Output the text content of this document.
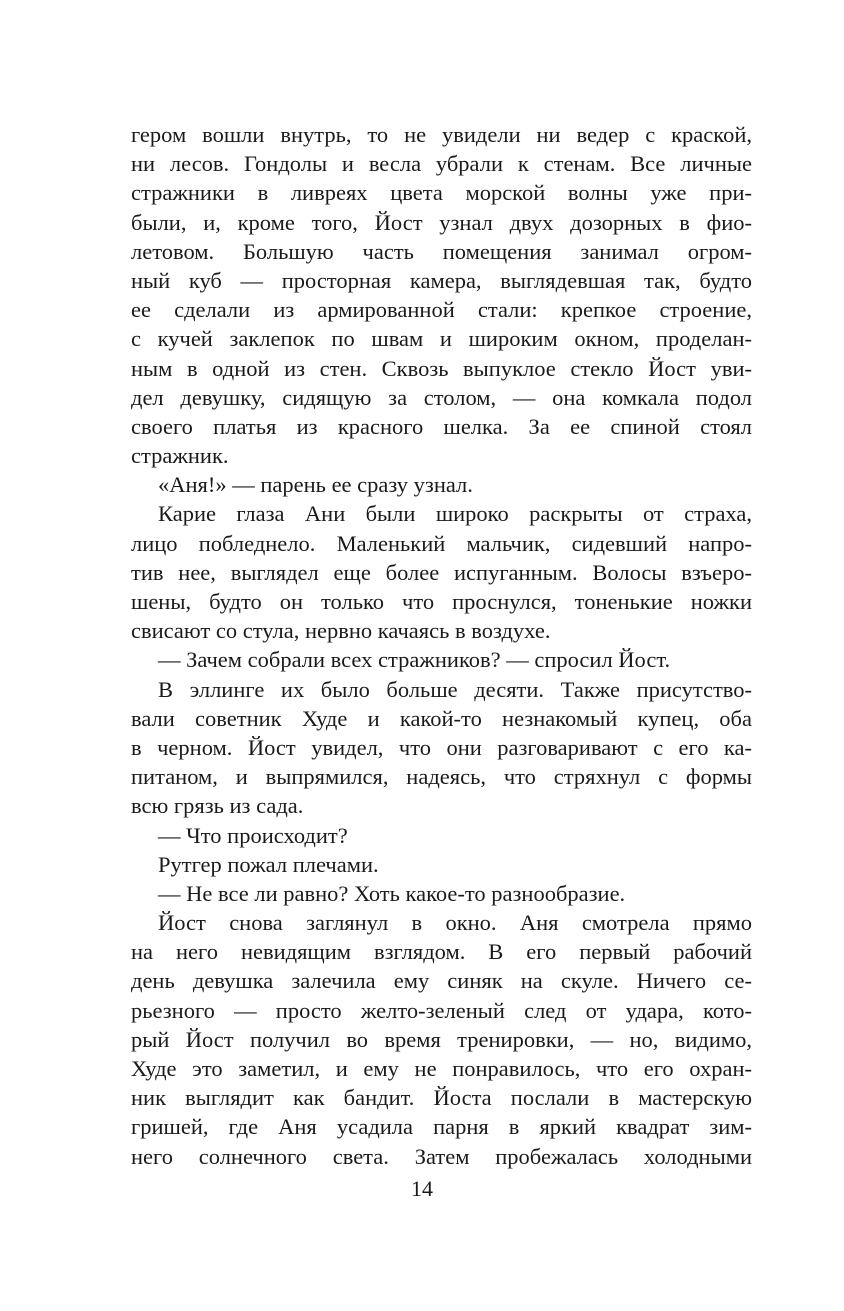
гером вошли внутрь, то не увидели ни ведер с краской,
ни лесов. Гондолы и весла убрали к стенам. Все личные
стражники в ливреях цвета морской волны уже при-
были, и, кроме того, Йост узнал двух дозорных в фио-
летовом. Большую часть помещения занимал огром-
ный куб — просторная камера, выглядевшая так, будто
ее сделали из армированной стали: крепкое строение,
с кучей заклепок по швам и широким окном, проделан-
ным в одной из стен. Сквозь выпуклое стекло Йост уви-
дел девушку, сидящую за столом, — она комкала подол
своего платья из красного шелка. За ее спиной стоял
стражник.
«Аня!» — парень ее сразу узнал.
Карие глаза Ани были широко раскрыты от страха,
лицо побледнело. Маленький мальчик, сидевший напро-
тив нее, выглядел еще более испуганным. Волосы взъеро-
шены, будто он только что проснулся, тоненькие ножки
свисают со стула, нервно качаясь в воздухе.
— Зачем собрали всех стражников? — спросил Йост.
В эллинге их было больше десяти. Также присутство-
вали советник Худе и какой-то незнакомый купец, оба
в черном. Йост увидел, что они разговаривают с его ка-
питаном, и выпрямился, надеясь, что стряхнул с формы
всю грязь из сада.
— Что происходит?
Рутгер пожал плечами.
— Не все ли равно? Хоть какое-то разнообразие.
Йост снова заглянул в окно. Аня смотрела прямо
на него невидящим взглядом. В его первый рабочий
день девушка залечила ему синяк на скуле. Ничего се-
рьезного — просто желто-зеленый след от удара, кото-
рый Йост получил во время тренировки, — но, видимо,
Худе это заметил, и ему не понравилось, что его охран-
ник выглядит как бандит. Йоста послали в мастерскую
гришей, где Аня усадила парня в яркий квадрат зим-
него солнечного света. Затем пробежалась холодными
14
